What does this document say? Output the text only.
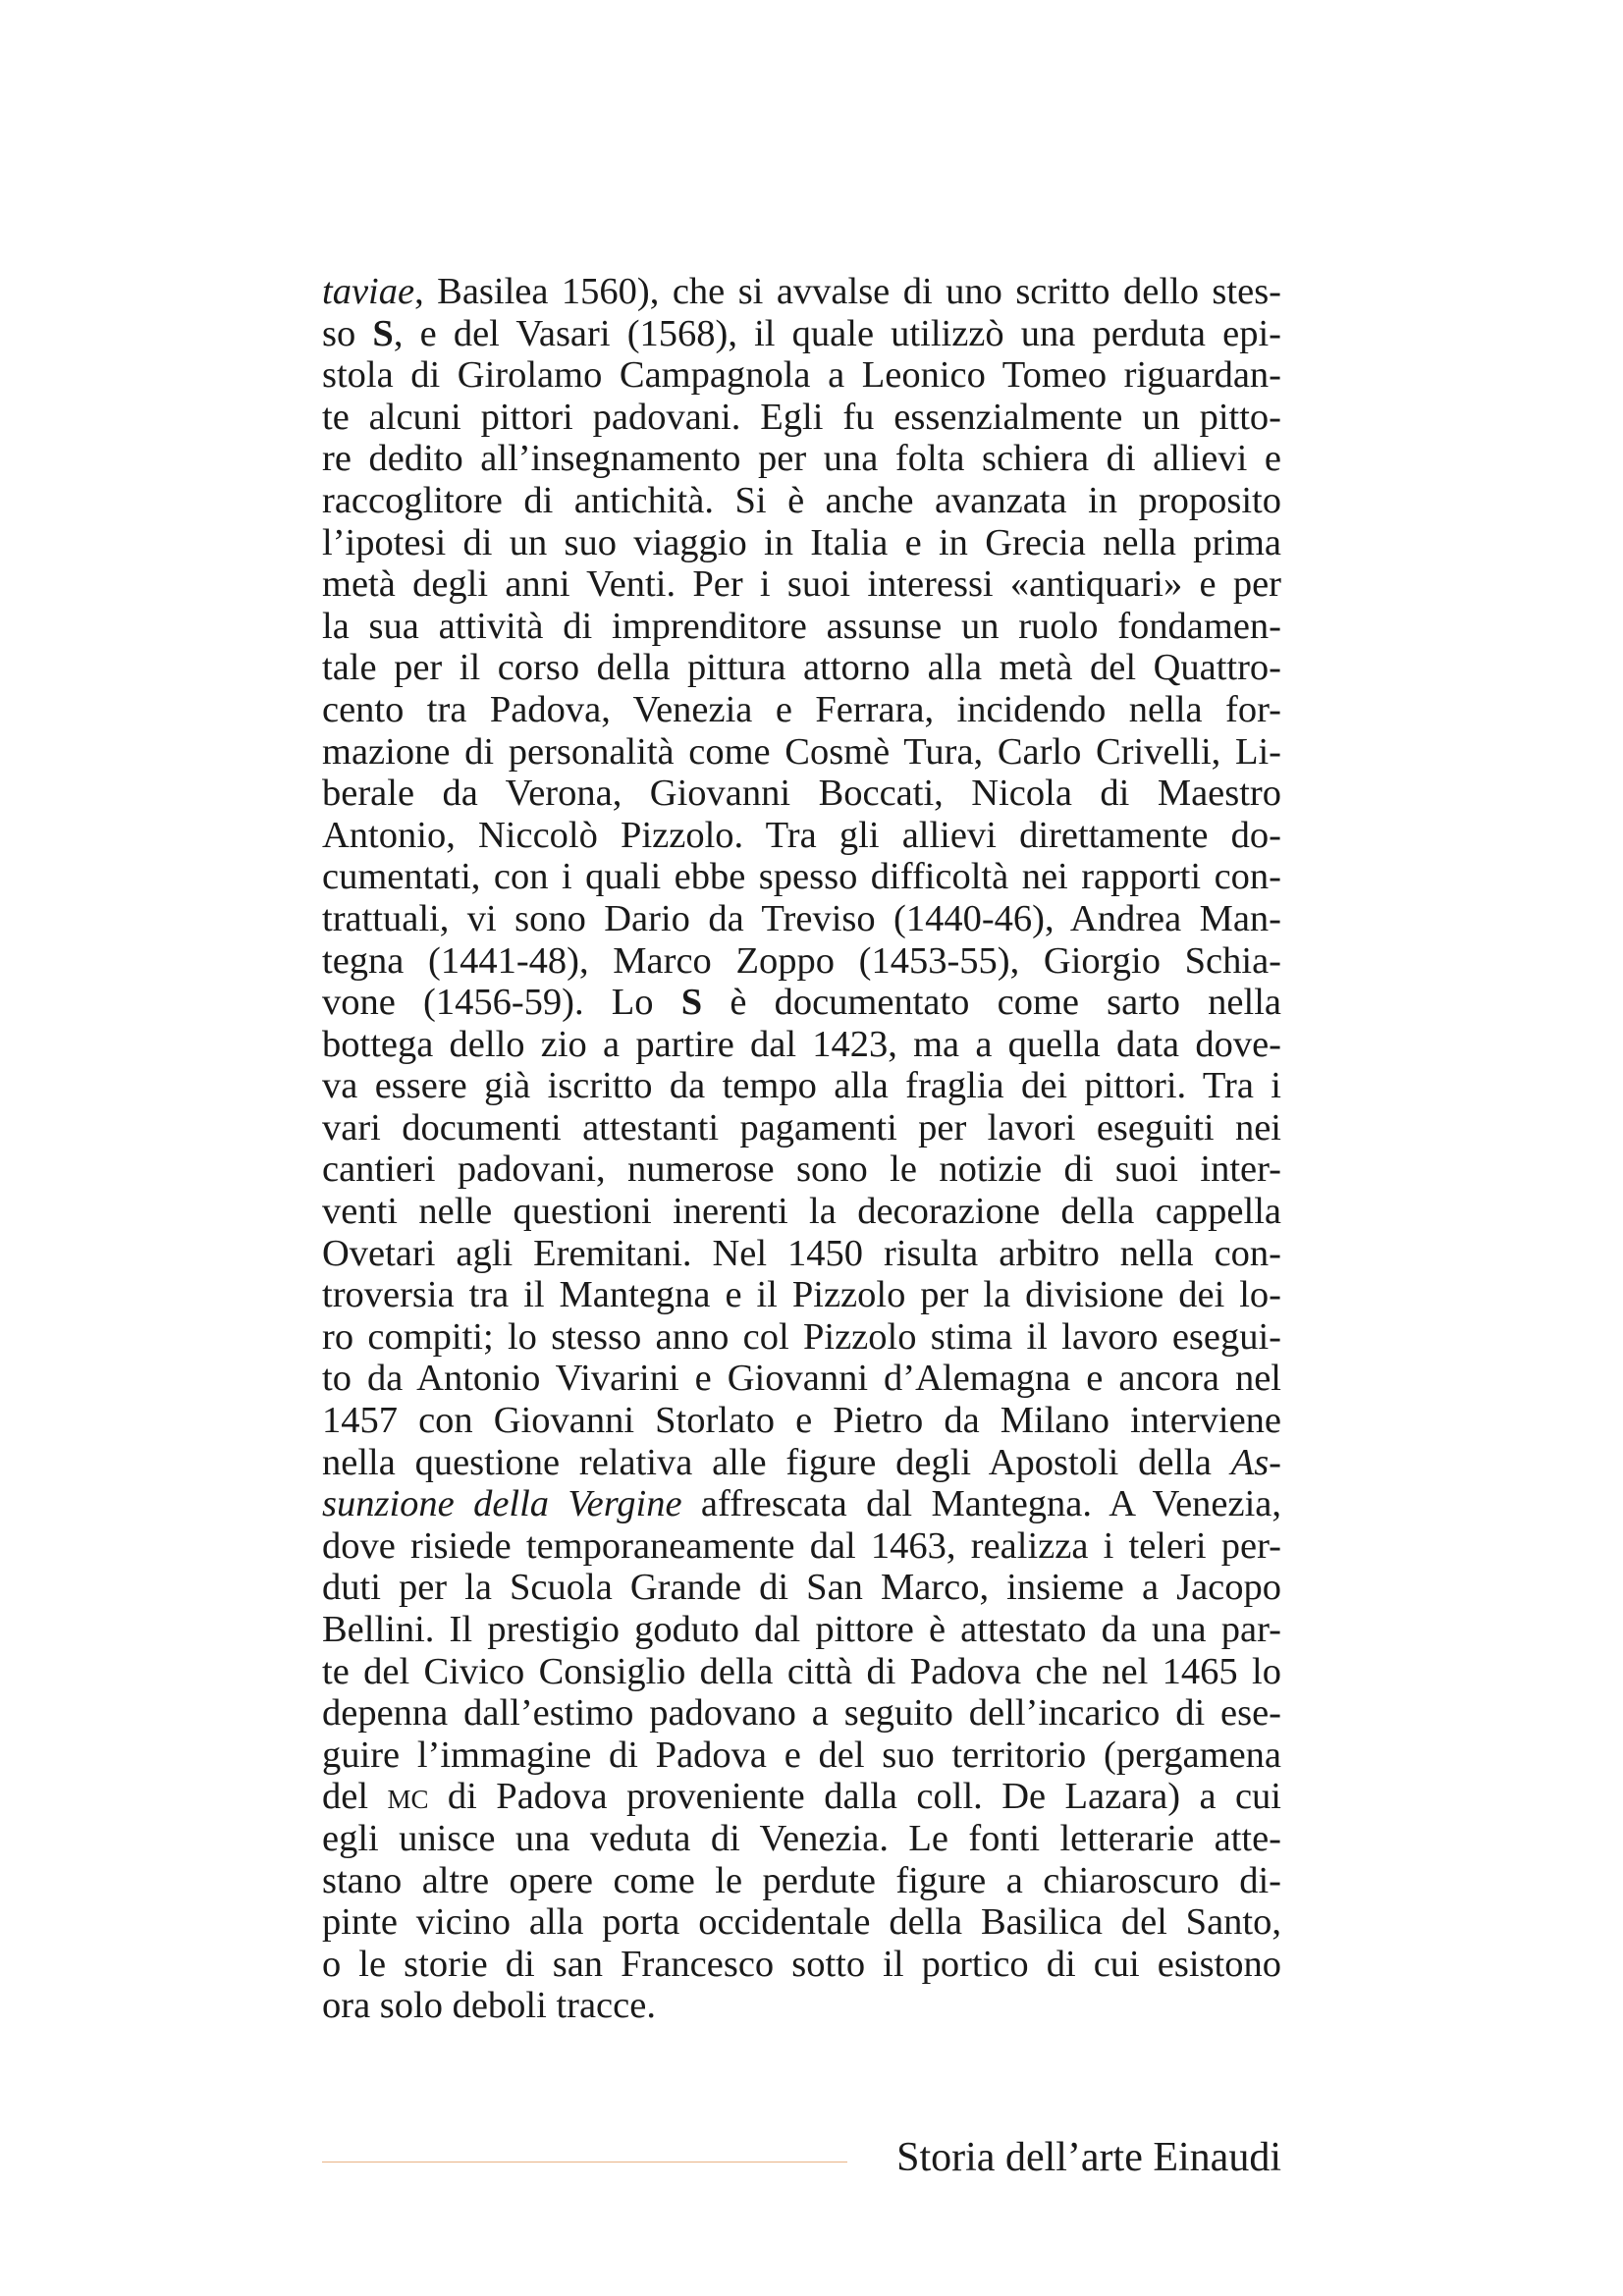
taviae, Basilea 1560), che si avvalse di uno scritto dello stes-
so S, e del Vasari (1568), il quale utilizzò una perduta epi-
stola di Girolamo Campagnola a Leonico Tomeo riguardan-
te alcuni pittori padovani. Egli fu essenzialmente un pitto-
re dedito all’insegnamento per una folta schiera di allievi e
raccoglitore di antichità. Si è anche avanzata in proposito
l’ipotesi di un suo viaggio in Italia e in Grecia nella prima
metà degli anni Venti. Per i suoi interessi «antiquari» e per
la sua attività di imprenditore assunse un ruolo fondamen-
tale per il corso della pittura attorno alla metà del Quattro-
cento tra Padova, Venezia e Ferrara, incidendo nella for-
mazione di personalità come Cosmè Tura, Carlo Crivelli, Li-
berale da Verona, Giovanni Boccati, Nicola di Maestro
Antonio, Niccolò Pizzolo. Tra gli allievi direttamente do-
cumentati, con i quali ebbe spesso difficoltà nei rapporti con-
trattuali, vi sono Dario da Treviso (1440-46), Andrea Man-
tegna (1441-48), Marco Zoppo (1453-55), Giorgio Schia-
vone (1456-59). Lo S è documentato come sarto nella
bottega dello zio a partire dal 1423, ma a quella data dove-
va essere già iscritto da tempo alla fraglia dei pittori. Tra i
vari documenti attestanti pagamenti per lavori eseguiti nei
cantieri padovani, numerose sono le notizie di suoi inter-
venti nelle questioni inerenti la decorazione della cappella
Ovetari agli Eremitani. Nel 1450 risulta arbitro nella con-
troversia tra il Mantegna e il Pizzolo per la divisione dei lo-
ro compiti; lo stesso anno col Pizzolo stima il lavoro esegui-
to da Antonio Vivarini e Giovanni d’Alemagna e ancora nel
1457 con Giovanni Storlato e Pietro da Milano interviene
nella questione relativa alle figure degli Apostoli della As-
sunzione della Vergine affrescata dal Mantegna. A Venezia,
dove risiede temporaneamente dal 1463, realizza i teleri per-
duti per la Scuola Grande di San Marco, insieme a Jacopo
Bellini. Il prestigio goduto dal pittore è attestato da una par-
te del Civico Consiglio della città di Padova che nel 1465 lo
depenna dall’estimo padovano a seguito dell’incarico di ese-
guire l’immagine di Padova e del suo territorio (pergamena
del mc di Padova proveniente dalla coll. De Lazara) a cui
egli unisce una veduta di Venezia. Le fonti letterarie atte-
stano altre opere come le perdute figure a chiaroscuro di-
pinte vicino alla porta occidentale della Basilica del Santo,
o le storie di san Francesco sotto il portico di cui esistono
ora solo deboli tracce.
Storia dell’arte Einaudi
